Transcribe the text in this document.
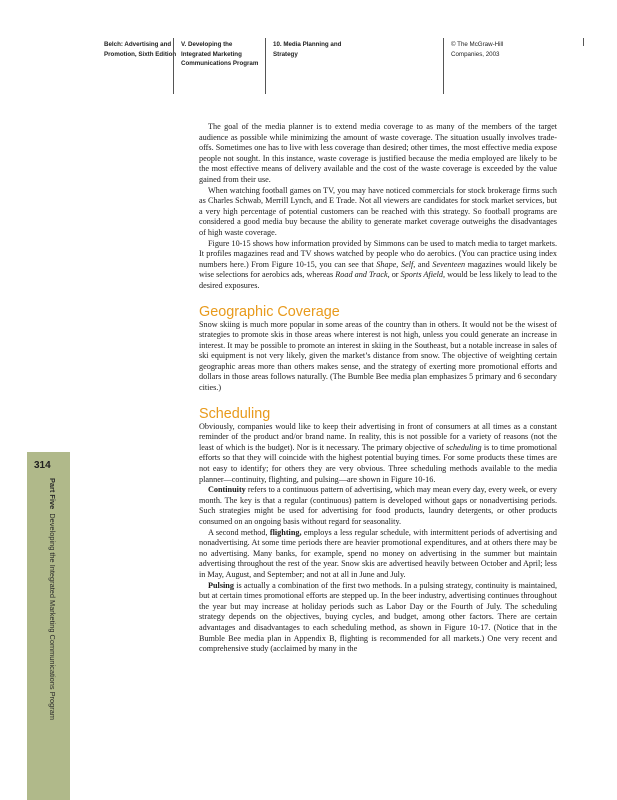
Belch: Advertising and
Promotion, Sixth Edition
V. Developing the
Integrated Marketing
Communications Program
10. Media Planning and
Strategy
© The McGraw-Hill
Companies, 2003
314
Part Five  Developing the Integrated Marketing Communications Program

The goal of the media planner is to extend media coverage to as many of the members of the target audience as possible while minimizing the amount of waste coverage. The situation usually involves trade-offs. Sometimes one has to live with less coverage than desired; other times, the most effective media expose people not sought. In this instance, waste coverage is justified because the media employed are likely to be the most effective means of delivery available and the cost of the waste coverage is exceeded by the value gained from their use.

When watching football games on TV, you may have noticed commercials for stock brokerage firms such as Charles Schwab, Merrill Lynch, and E Trade. Not all viewers are candidates for stock market services, but a very high percentage of potential customers can be reached with this strategy. So football programs are considered a good media buy because the ability to generate market coverage outweighs the disadvantages of high waste coverage.

Figure 10-15 shows how information provided by Simmons can be used to match media to target markets. It profiles magazines read and TV shows watched by people who do aerobics. (You can practice using index numbers here.) From Figure 10-15, you can see that Shape, Self, and Seventeen magazines would likely be wise selections for aerobics ads, whereas Road and Track, or Sports Afield, would be less likely to lead to the desired exposures.

Geographic Coverage

Snow skiing is much more popular in some areas of the country than in others. It would not be the wisest of strategies to promote skis in those areas where interest is not high, unless you could generate an increase in interest. It may be possible to promote an interest in skiing in the Southeast, but a notable increase in sales of ski equipment is not very likely, given the market’s distance from snow. The objective of weighting certain geographic areas more than others makes sense, and the strategy of exerting more promotional efforts and dollars in those areas follows naturally. (The Bumble Bee media plan emphasizes 5 primary and 6 secondary cities.)

Scheduling

Obviously, companies would like to keep their advertising in front of consumers at all times as a constant reminder of the product and/or brand name. In reality, this is not possible for a variety of reasons (not the least of which is the budget). Nor is it necessary. The primary objective of scheduling is to time promotional efforts so that they will coincide with the highest potential buying times. For some products these times are not easy to identify; for others they are very obvious. Three scheduling methods available to the media planner—continuity, flighting, and pulsing—are shown in Figure 10-16.

Continuity refers to a continuous pattern of advertising, which may mean every day, every week, or every month. The key is that a regular (continuous) pattern is developed without gaps or nonadvertising periods. Such strategies might be used for advertising for food products, laundry detergents, or other products consumed on an ongoing basis without regard for seasonality.

A second method, flighting, employs a less regular schedule, with intermittent periods of advertising and nonadvertising. At some time periods there are heavier promotional expenditures, and at others there may be no advertising. Many banks, for example, spend no money on advertising in the summer but maintain advertising throughout the rest of the year. Snow skis are advertised heavily between October and April; less in May, August, and September; and not at all in June and July.

Pulsing is actually a combination of the first two methods. In a pulsing strategy, continuity is maintained, but at certain times promotional efforts are stepped up. In the beer industry, advertising continues throughout the year but may increase at holiday periods such as Labor Day or the Fourth of July. The scheduling strategy depends on the objectives, buying cycles, and budget, among other factors. There are certain advantages and disadvantages to each scheduling method, as shown in Figure 10-17. (Notice that in the Bumble Bee media plan in Appendix B, flighting is recommended for all markets.) One very recent and comprehensive study (acclaimed by many in the
